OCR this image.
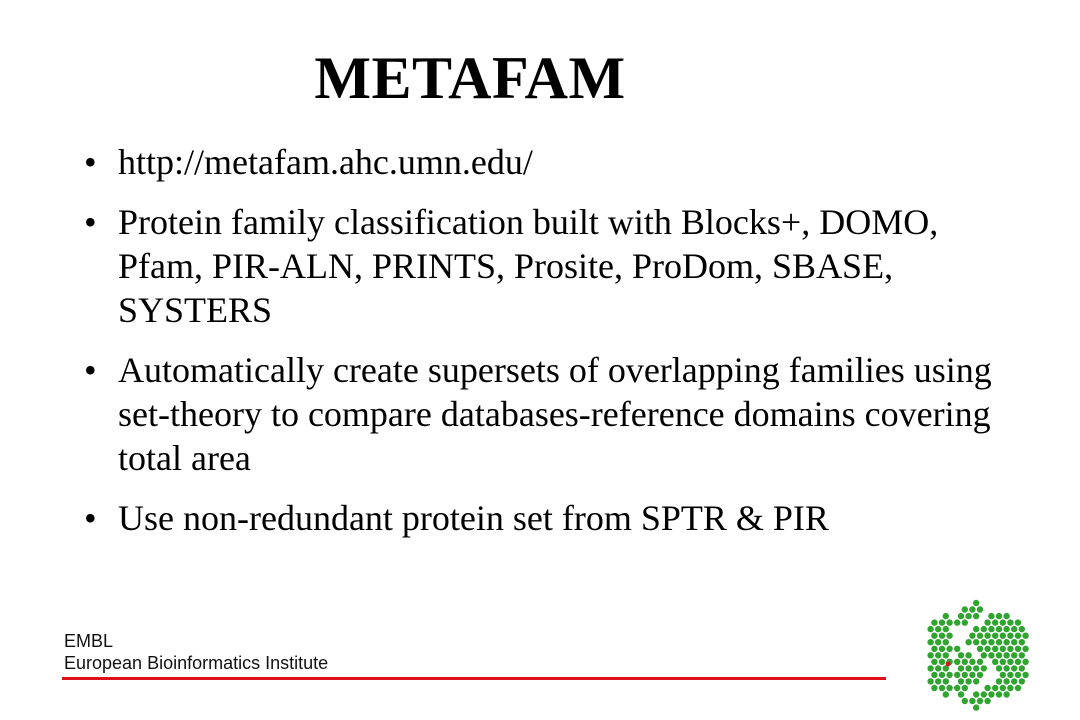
METAFAM
• http://metafam.ahc.umn.edu/
• Protein family classification built with Blocks+, DOMO, Pfam, PIR-ALN, PRINTS, Prosite, ProDom, SBASE, SYSTERS
• Automatically create supersets of overlapping families using set-theory to compare databases-reference domains covering total area
• Use non-redundant protein set from SPTR & PIR
EMBL
European Bioinformatics Institute
